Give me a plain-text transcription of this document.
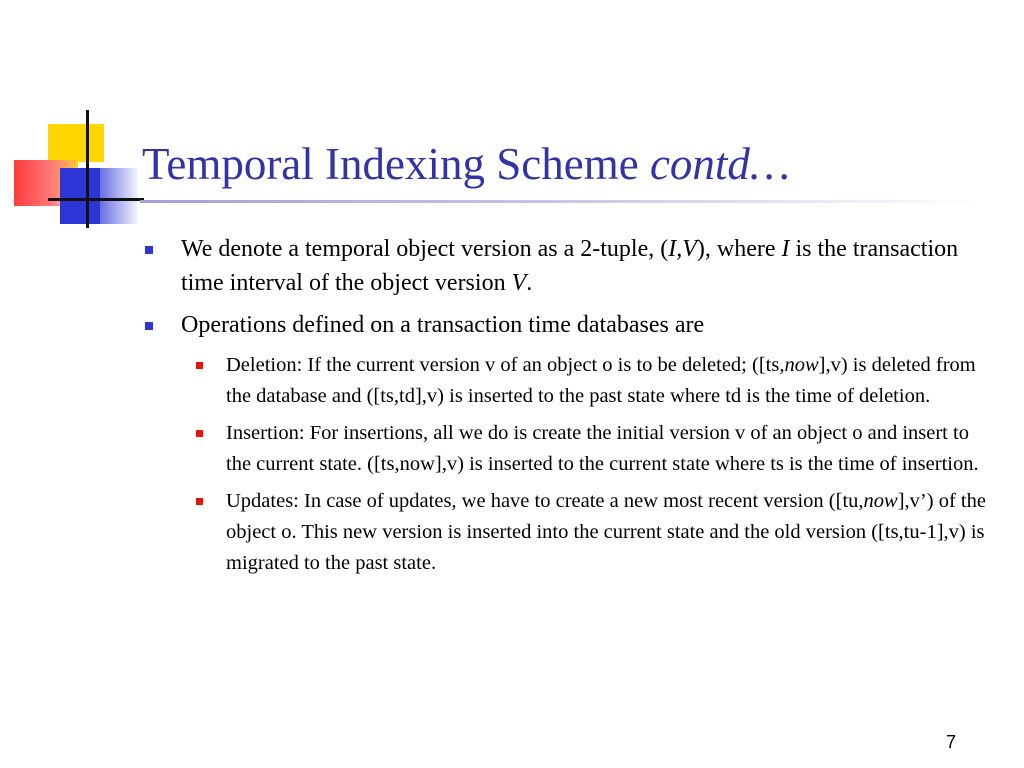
Temporal Indexing Scheme contd…
We denote a temporal object version as a 2-tuple, (I,V), where I is the transaction time interval of the object version V.
Operations defined on a transaction time databases are
Deletion: If the current version v of an object o is to be deleted; ([ts,now],v) is deleted from the database and ([ts,td],v) is inserted to the past state where td is the time of deletion.
Insertion: For insertions, all we do is create the initial version v of an object o and insert to the current state. ([ts,now],v) is inserted to the current state where ts is the time of insertion.
Updates: In case of updates, we have to create a new most recent version ([tu,now],v’) of the object o. This new version is inserted into the current state and the old version ([ts,tu-1],v) is migrated to the past state.
7
